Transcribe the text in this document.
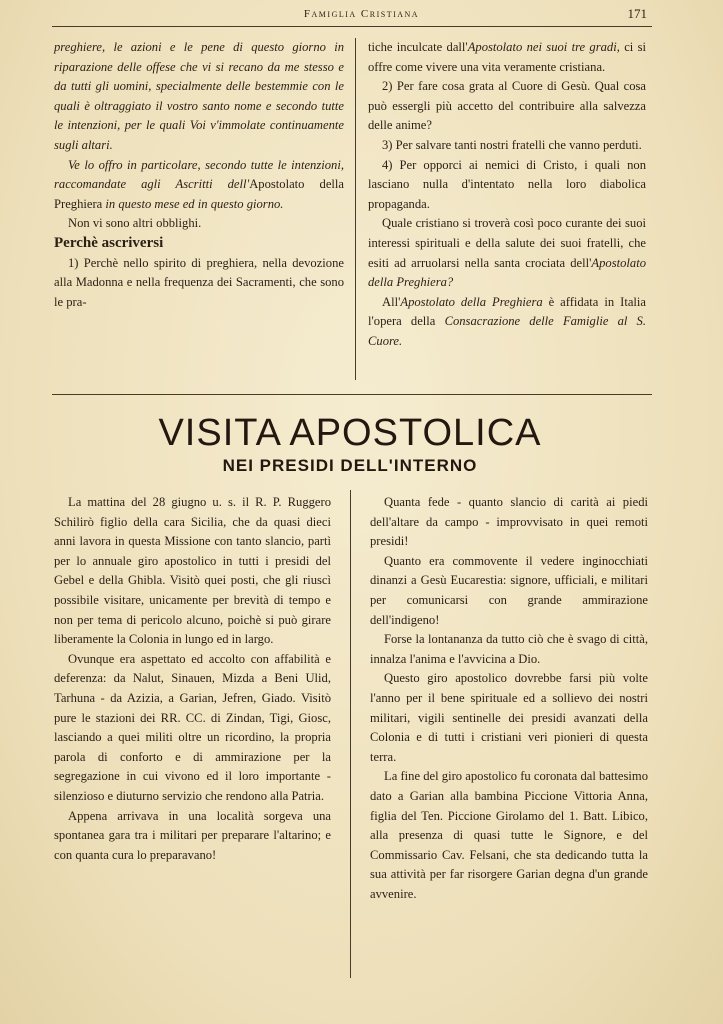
Famiglia Cristiana	171

preghiere, le azioni e le pene di questo giorno in riparazione delle offese che vi si recano da me stesso e da tutti gli uomini, specialmente delle bestemmie con le quali è oltraggiato il vostro santo nome e secondo tutte le intenzioni, per le quali Voi v'immolate continuamente sugli altari.

Ve lo offro in particolare, secondo tutte le intenzioni, raccomandate agli Ascritti dell'Apostolato della Preghiera in questo mese ed in questo giorno.

Non vi sono altri obblighi.

Perchè ascriversi

1) Perchè nello spirito di preghiera, nella devozione alla Madonna e nella frequenza dei Sacramenti, che sono le pra-

tiche inculcate dall'Apostolato nei suoi tre gradi, ci si offre come vivere una vita veramente cristiana.

2) Per fare cosa grata al Cuore di Gesù. Qual cosa può essergli più accetto del contribuire alla salvezza delle anime?

3) Per salvare tanti nostri fratelli che vanno perduti.

4) Per opporci ai nemici di Cristo, i quali non lasciano nulla d'intentato nella loro diabolica propaganda.

Quale cristiano si troverà così poco curante dei suoi interessi spirituali e della salute dei suoi fratelli, che esiti ad arruolarsi nella santa crociata dell'Apostolato della Preghiera?

All'Apostolato della Preghiera è affidata in Italia l'opera della Consacrazione delle Famiglie al S. Cuore.

VISITA APOSTOLICA
NEI PRESIDI DELL'INTERNO

La mattina del 28 giugno u. s. il R. P. Ruggero Schilirò figlio della cara Sicilia, che da quasi dieci anni lavora in questa Missione con tanto slancio, partì per lo annuale giro apostolico in tutti i presidi del Gebel e della Ghibla. Visitò quei posti, che gli riuscì possibile visitare, unicamente per brevità di tempo e non per tema di pericolo alcuno, poichè si può girare liberamente la Colonia in lungo ed in largo.

Ovunque era aspettato ed accolto con affabilità e deferenza: da Nalut, Sinauen, Mizda a Beni Ulid, Tarhuna - da Azizia, a Garian, Jefren, Giado. Visitò pure le stazioni dei RR. CC. di Zindan, Tigi, Giosc, lasciando a quei militi oltre un ricordino, la propria parola di conforto e di ammirazione per la segregazione in cui vivono ed il loro importante - silenzioso e diuturno servizio che rendono alla Patria.

Appena arrivava in una località sorgeva una spontanea gara tra i militari per preparare l'altarino; e con quanta cura lo preparavano!

Quanta fede - quanto slancio di carità ai piedi dell'altare da campo - improvvisato in quei remoti presidi!

Quanto era commovente il vedere inginocchiati dinanzi a Gesù Eucarestia: signore, ufficiali, e militari per comunicarsi con grande ammirazione dell'indigeno!

Forse la lontananza da tutto ciò che è svago di città, innalza l'anima e l'avvicina a Dio.

Questo giro apostolico dovrebbe farsi più volte l'anno per il bene spirituale ed a sollievo dei nostri militari, vigili sentinelle dei presidi avanzati della Colonia e di tutti i cristiani veri pionieri di questa terra.

La fine del giro apostolico fu coronata dal battesimo dato a Garian alla bambina Piccione Vittoria Anna, figlia del Ten. Piccione Girolamo del 1. Batt. Libico, alla presenza di quasi tutte le Signore, e del Commissario Cav. Felsani, che sta dedicando tutta la sua attività per far risorgere Garian degna d'un grande avvenire.
